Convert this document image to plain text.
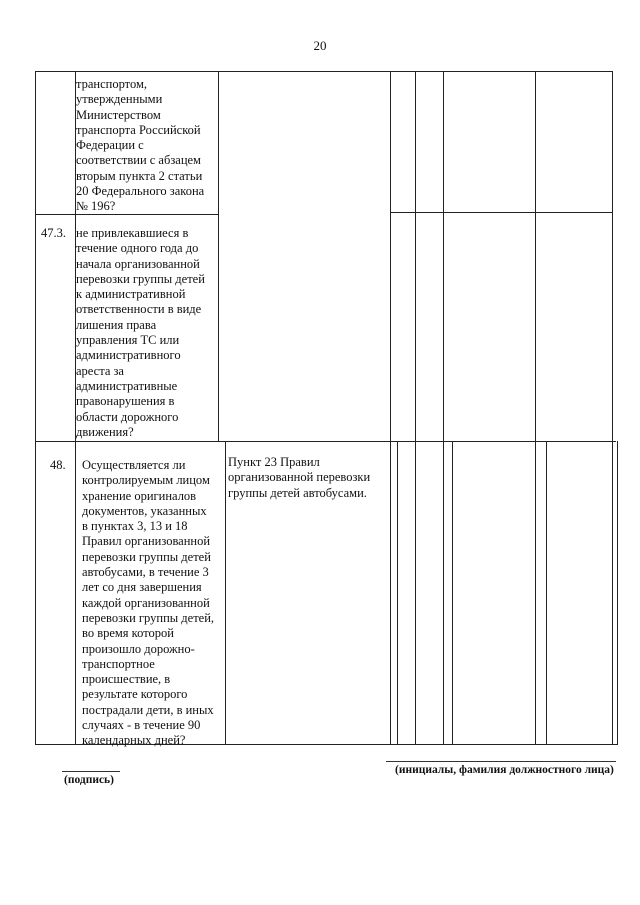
20
транспортом,
утвержденными
Министерством
транспорта Российской
Федерации с
соответствии с абзацем
вторым пункта 2 статьи
20 Федерального закона
№ 196?
47.3. не привлекавшиеся в
течение одного года до
начала организованной
перевозки группы детей
к административной
ответственности в виде
лишения права
управления ТС или
административного
ареста за
административные
правонарушения в
области дорожного
движения?
48.	Осуществляется ли
контролируемым лицом
хранение оригиналов
документов, указанных
в пунктах 3, 13 и 18
Правил организованной
перевозки группы детей
автобусами, в течение 3
лет со дня завершения
каждой организованной
перевозки группы детей,
во время которой
произошло дорожно-
транспортное
происшествие, в
результате которого
пострадали дети, в иных
случаях - в течение 90
календарных дней?
Пункт 23 Правил
организованной перевозки
группы детей автобусами.
(подпись)
(инициалы, фамилия должностного лица)
